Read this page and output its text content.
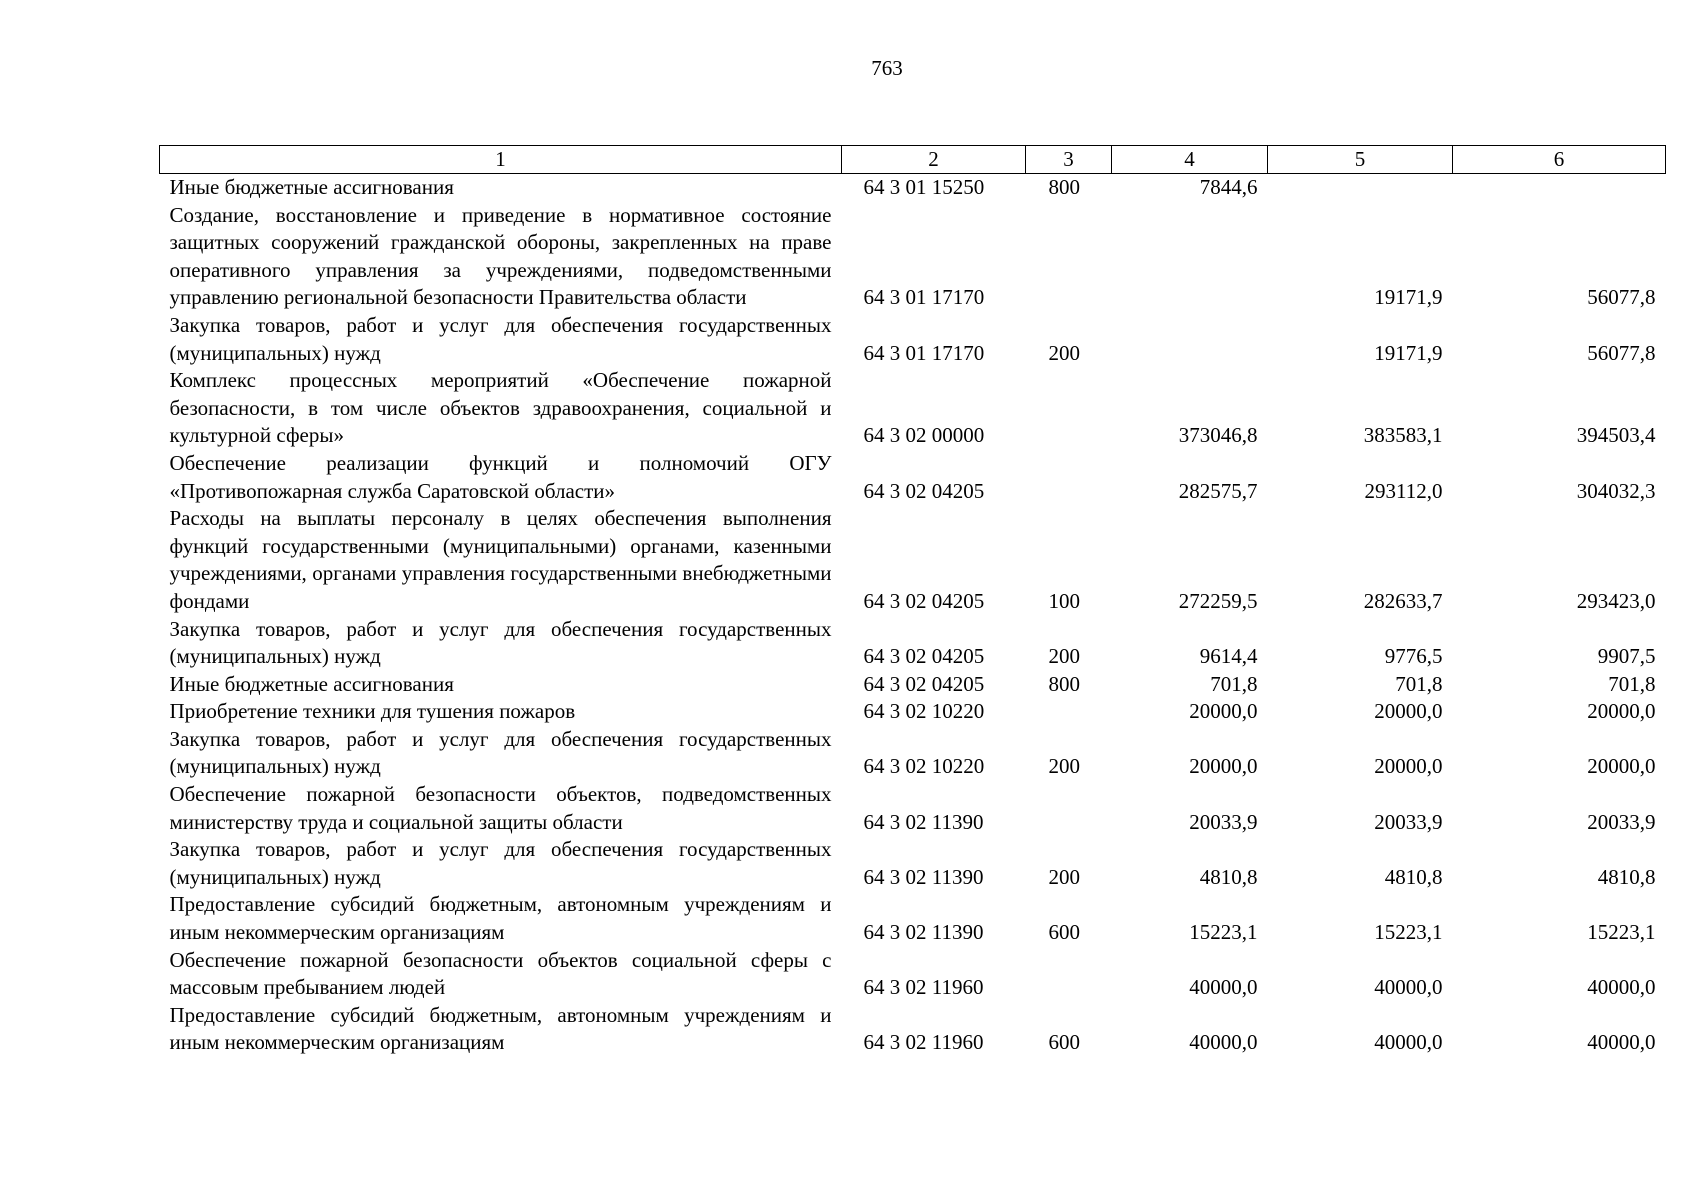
763
1	2	3	4	5	6
Иные бюджетные ассигнования	64 3 01 15250	800	7844,6		
Создание, восстановление и приведение в нормативное состояние защитных сооружений гражданской обороны, закрепленных на праве оперативного управления за учреждениями, подведомственными управлению региональной безопасности Правительства области	64 3 01 17170			19171,9	56077,8
Закупка товаров, работ и услуг для обеспечения государственных (муниципальных) нужд	64 3 01 17170	200		19171,9	56077,8
Комплекс процессных мероприятий «Обеспечение пожарной безопасности, в том числе объектов здравоохранения, социальной и культурной сферы»	64 3 02 00000		373046,8	383583,1	394503,4
Обеспечение реализации функций и полномочий ОГУ «Противопожарная служба Саратовской области»	64 3 02 04205		282575,7	293112,0	304032,3
Расходы на выплаты персоналу в целях обеспечения выполнения функций государственными (муниципальными) органами, казенными учреждениями, органами управления государственными внебюджетными фондами	64 3 02 04205	100	272259,5	282633,7	293423,0
Закупка товаров, работ и услуг для обеспечения государственных (муниципальных) нужд	64 3 02 04205	200	9614,4	9776,5	9907,5
Иные бюджетные ассигнования	64 3 02 04205	800	701,8	701,8	701,8
Приобретение техники для тушения пожаров	64 3 02 10220		20000,0	20000,0	20000,0
Закупка товаров, работ и услуг для обеспечения государственных (муниципальных) нужд	64 3 02 10220	200	20000,0	20000,0	20000,0
Обеспечение пожарной безопасности объектов, подведомственных министерству труда и социальной защиты области	64 3 02 11390		20033,9	20033,9	20033,9
Закупка товаров, работ и услуг для обеспечения государственных (муниципальных) нужд	64 3 02 11390	200	4810,8	4810,8	4810,8
Предоставление субсидий бюджетным, автономным учреждениям и иным некоммерческим организациям	64 3 02 11390	600	15223,1	15223,1	15223,1
Обеспечение пожарной безопасности объектов социальной сферы с массовым пребыванием людей	64 3 02 11960		40000,0	40000,0	40000,0
Предоставление субсидий бюджетным, автономным учреждениям и иным некоммерческим организациям	64 3 02 11960	600	40000,0	40000,0	40000,0
